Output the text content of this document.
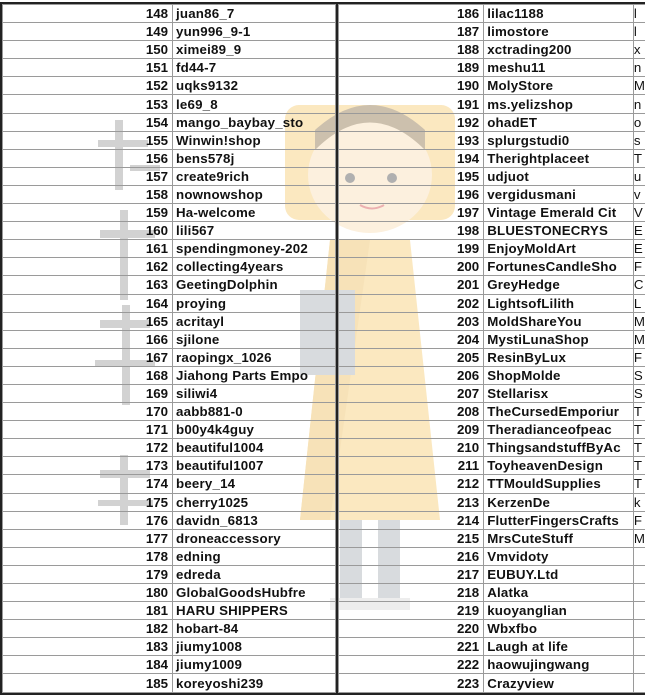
148	juan86_7
149	yun996_9-1
150	ximei89_9
151	fd44-7
152	uqks9132
153	le69_8
154	mango_baybay_sto
155	Winwin!shop
156	bens578j
157	create9rich
158	nownowshop
159	Ha-welcome
160	lili567
161	spendingmoney-202
162	collecting4years
163	GeetingDolphin
164	proying
165	acritayl
166	sjilone
167	raopingx_1026
168	Jiahong Parts Empo
169	siliwi4
170	aabb881-0
171	b00y4k4guy
172	beautiful1004
173	beautiful1007
174	beery_14
175	cherry1025
176	davidn_6813
177	droneaccessory
178	edning
179	edreda
180	GlobalGoodsHubfre
181	HARU SHIPPERS
182	hobart-84
183	jiumy1008
184	jiumy1009
185	koreyoshi239
186	lilac1188	l
187	limostore	l
188	xctrading200	x
189	meshu11	n
190	MolyStore	M
191	ms.yelizshop	n
192	ohadET	o
193	splurgstudi0	s
194	Therightplaceet	T
195	udjuot	u
196	vergidusmani	v
197	Vintage Emerald Cit	V
198	BLUESTONECRYS	E
199	EnjoyMoldArt	E
200	FortunesCandleSho	F
201	GreyHedge	C
202	LightsofLilith	L
203	MoldShareYou	M
204	MystiLunaShop	M
205	ResinByLux	F
206	ShopMolde	S
207	Stellarisx	S
208	TheCursedEmporiur	T
209	Theradianceofpeac	T
210	ThingsandstuffByAc	T
211	ToyheavenDesign	T
212	TTMouldSupplies	T
213	KerzenDe	k
214	FlutterFingersCrafts	F
215	MrsCuteStuff	M
216	Vmvidoty	
217	EUBUY.Ltd	
218	Alatka	
219	kuoyanglian	
220	Wbxfbo	
221	Laugh at life	
222	haowujingwang	
223	Crazyview	
